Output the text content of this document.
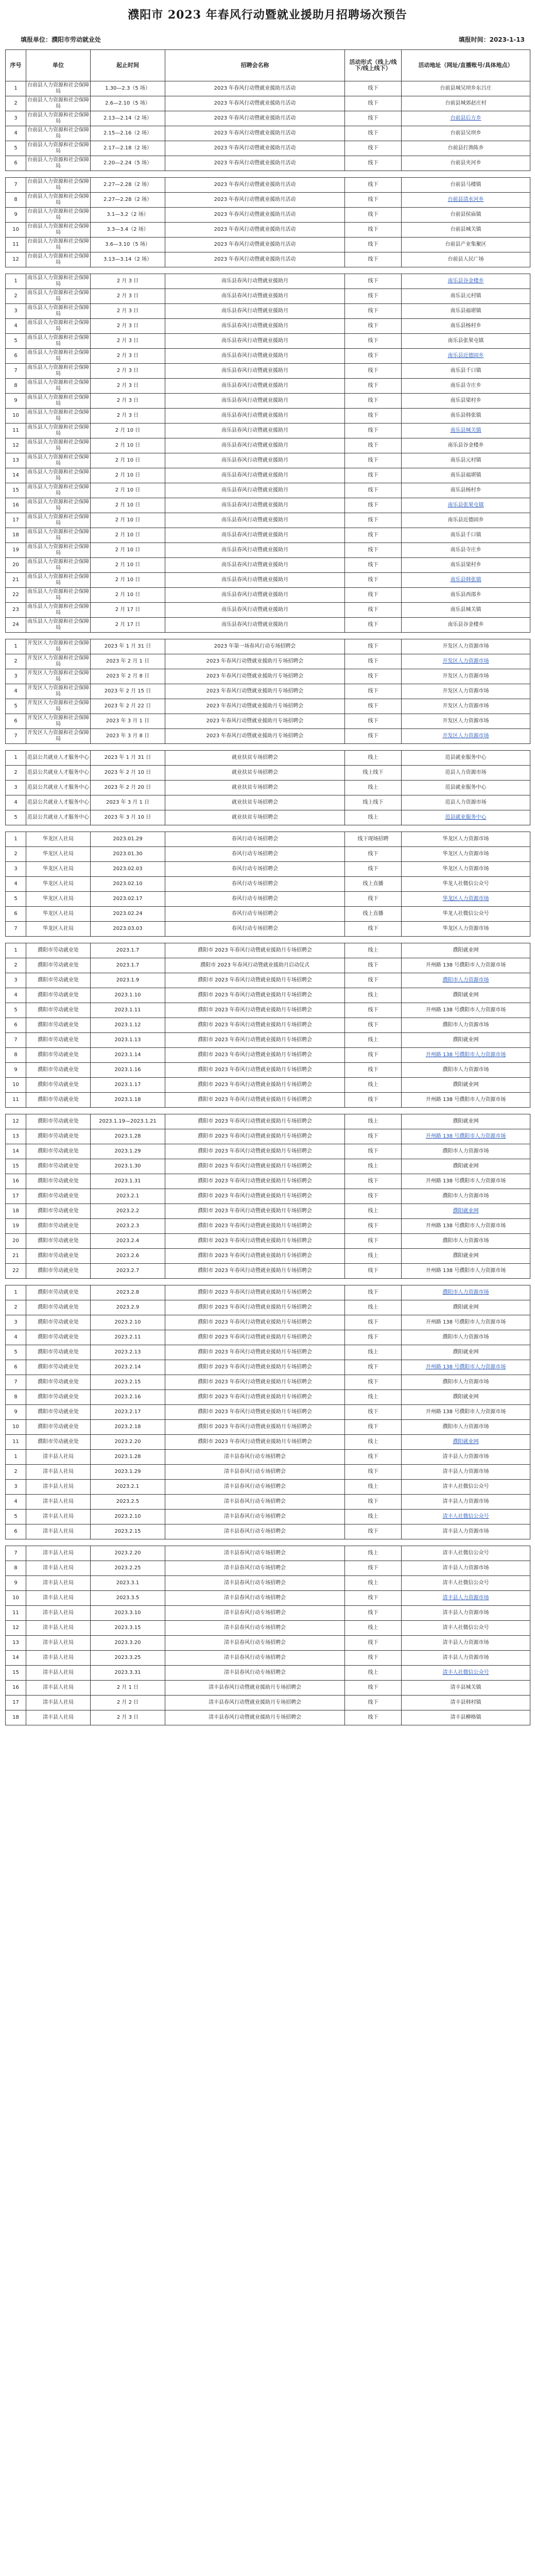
濮阳市 2023 年春风行动暨就业援助月招聘场次预告
填报单位：濮阳市劳动就业处	填报时间：2023-1-13
序号	单位	起止时间	招聘会名称	活动形式（线上/线下/线上线下）	活动地址（网址/直播账号/具体地点）
1	台前县人力资源和社会保障局	1.30—2.3（5 场）	2023 年春风行动暨就业援助月活动	线下	台前县城吴坝乡东吕庄
2	台前县人力资源和社会保障局	2.6—2.10（5 场）	2023 年春风行动暨就业援助月活动	线下	台前县城郊赵庄村
3	台前县人力资源和社会保障局	2.13—2.14（2 场）	2023 年春风行动暨就业援助月活动	线下	台前县后方乡
4	台前县人力资源和社会保障局	2.15—2.16（2 场）	2023 年春风行动暨就业援助月活动	线下	台前县吴坝乡
5	台前县人力资源和社会保障局	2.17—2.18（2 场）	2023 年春风行动暨就业援助月活动	线下	台前县打渔陈乡
6	台前县人力资源和社会保障局	2.20—2.24（5 场）	2023 年春风行动暨就业援助月活动	线下	台前县夹河乡

7	台前县人力资源和社会保障局	2.27—2.28（2 场）	2023 年春风行动暨就业援助月活动	线下	台前县马楼镇
8	台前县人力资源和社会保障局	2.27—2.28（2 场）	2023 年春风行动暨就业援助月活动	线下	台前县清水河乡
9	台前县人力资源和社会保障局	3.1—3.2（2 场）	2023 年春风行动暨就业援助月活动	线下	台前县侯庙镇
10	台前县人力资源和社会保障局	3.3—3.4（2 场）	2023 年春风行动暨就业援助月活动	线下	台前县城关镇
11	台前县人力资源和社会保障局	3.6—3.10（5 场）	2023 年春风行动暨就业援助月活动	线下	台前县产业集聚区
12	台前县人力资源和社会保障局	3.13—3.14（2 场）	2023 年春风行动暨就业援助月活动	线下	台前县人民广场

1	南乐县人力资源和社会保障局	2 月 3 日	南乐县春风行动暨就业援助月	线下	南乐县谷金楼乡
2	南乐县人力资源和社会保障局	2 月 3 日	南乐县春风行动暨就业援助月	线下	南乐县元村镇
3	南乐县人力资源和社会保障局	2 月 3 日	南乐县春风行动暨就业援助月	线下	南乐县福堪镇
4	南乐县人力资源和社会保障局	2 月 3 日	南乐县春风行动暨就业援助月	线下	南乐县杨村乡
5	南乐县人力资源和社会保障局	2 月 3 日	南乐县春风行动暨就业援助月	线下	南乐县张果屯镇
6	南乐县人力资源和社会保障局	2 月 3 日	南乐县春风行动暨就业援助月	线下	南乐县近德固乡
7	南乐县人力资源和社会保障局	2 月 3 日	南乐县春风行动暨就业援助月	线下	南乐县千口镇
8	南乐县人力资源和社会保障局	2 月 3 日	南乐县春风行动暨就业援助月	线下	南乐县寺庄乡
9	南乐县人力资源和社会保障局	2 月 3 日	南乐县春风行动暨就业援助月	线下	南乐县梁村乡
10	南乐县人力资源和社会保障局	2 月 3 日	南乐县春风行动暨就业援助月	线下	南乐县韩张镇
11	南乐县人力资源和社会保障局	2 月 10 日	南乐县春风行动暨就业援助月	线下	南乐县城关镇
12	南乐县人力资源和社会保障局	2 月 10 日	南乐县春风行动暨就业援助月	线下	南乐县谷金楼乡
13	南乐县人力资源和社会保障局	2 月 10 日	南乐县春风行动暨就业援助月	线下	南乐县元村镇
14	南乐县人力资源和社会保障局	2 月 10 日	南乐县春风行动暨就业援助月	线下	南乐县福堪镇
15	南乐县人力资源和社会保障局	2 月 10 日	南乐县春风行动暨就业援助月	线下	南乐县杨村乡
16	南乐县人力资源和社会保障局	2 月 10 日	南乐县春风行动暨就业援助月	线下	南乐县张果屯镇
17	南乐县人力资源和社会保障局	2 月 10 日	南乐县春风行动暨就业援助月	线下	南乐县近德固乡
18	南乐县人力资源和社会保障局	2 月 10 日	南乐县春风行动暨就业援助月	线下	南乐县千口镇
19	南乐县人力资源和社会保障局	2 月 10 日	南乐县春风行动暨就业援助月	线下	南乐县寺庄乡
20	南乐县人力资源和社会保障局	2 月 10 日	南乐县春风行动暨就业援助月	线下	南乐县梁村乡
21	南乐县人力资源和社会保障局	2 月 10 日	南乐县春风行动暨就业援助月	线下	南乐县韩张镇
22	南乐县人力资源和社会保障局	2 月 10 日	南乐县春风行动暨就业援助月	线下	南乐县西邵乡
23	南乐县人力资源和社会保障局	2 月 17 日	南乐县春风行动暨就业援助月	线下	南乐县城关镇
24	南乐县人力资源和社会保障局	2 月 17 日	南乐县春风行动暨就业援助月	线下	南乐县谷金楼乡

1	开发区人力资源和社会保障局	2023 年 1 月 31 日	2023 年第一场春风行动专场招聘会	线下	开发区人力资源市场
2	开发区人力资源和社会保障局	2023 年 2 月 1 日	2023 年春风行动暨就业援助月专场招聘会	线下	开发区人力资源市场
3	开发区人力资源和社会保障局	2023 年 2 月 8 日	2023 年春风行动暨就业援助月专场招聘会	线下	开发区人力资源市场
4	开发区人力资源和社会保障局	2023 年 2 月 15 日	2023 年春风行动暨就业援助月专场招聘会	线下	开发区人力资源市场
5	开发区人力资源和社会保障局	2023 年 2 月 22 日	2023 年春风行动暨就业援助月专场招聘会	线下	开发区人力资源市场
6	开发区人力资源和社会保障局	2023 年 3 月 1 日	2023 年春风行动暨就业援助月专场招聘会	线下	开发区人力资源市场
7	开发区人力资源和社会保障局	2023 年 3 月 8 日	2023 年春风行动暨就业援助月专场招聘会	线下	开发区人力资源市场

1	范县公共就业人才服务中心	2023 年 1 月 31 日	就业扶贫专场招聘会	线上	范县就业服务中心
2	范县公共就业人才服务中心	2023 年 2 月 10 日	就业扶贫专场招聘会	线上线下	范县人力资源市场
3	范县公共就业人才服务中心	2023 年 2 月 20 日	就业扶贫专场招聘会	线上	范县就业服务中心
4	范县公共就业人才服务中心	2023 年 3 月 1 日	就业扶贫专场招聘会	线上线下	范县人力资源市场
5	范县公共就业人才服务中心	2023 年 3 月 10 日	就业扶贫专场招聘会	线上	范县就业服务中心

1	华龙区人社局	2023.01.29	春风行动专场招聘会	线下现场招聘	华龙区人力资源市场
2	华龙区人社局	2023.01.30	春风行动专场招聘会	线下	华龙区人力资源市场
3	华龙区人社局	2023.02.03	春风行动专场招聘会	线下	华龙区人力资源市场
4	华龙区人社局	2023.02.10	春风行动专场招聘会	线上直播	华龙人社微信公众号
5	华龙区人社局	2023.02.17	春风行动专场招聘会	线下	华龙区人力资源市场
6	华龙区人社局	2023.02.24	春风行动专场招聘会	线上直播	华龙人社微信公众号
7	华龙区人社局	2023.03.03	春风行动专场招聘会	线下	华龙区人力资源市场

1	濮阳市劳动就业处	2023.1.7	濮阳市 2023 年春风行动暨就业援助月专场招聘会	线上	濮阳就业网
2	濮阳市劳动就业处	2023.1.7	濮阳市 2023 年春风行动暨就业援助月启动仪式	线下	开州路 138 号濮阳市人力资源市场
3	濮阳市劳动就业处	2023.1.9	濮阳市 2023 年春风行动暨就业援助月专场招聘会	线下	濮阳市人力资源市场
4	濮阳市劳动就业处	2023.1.10	濮阳市 2023 年春风行动暨就业援助月专场招聘会	线上	濮阳就业网
5	濮阳市劳动就业处	2023.1.11	濮阳市 2023 年春风行动暨就业援助月专场招聘会	线下	开州路 138 号濮阳市人力资源市场
6	濮阳市劳动就业处	2023.1.12	濮阳市 2023 年春风行动暨就业援助月专场招聘会	线下	濮阳市人力资源市场
7	濮阳市劳动就业处	2023.1.13	濮阳市 2023 年春风行动暨就业援助月专场招聘会	线上	濮阳就业网
8	濮阳市劳动就业处	2023.1.14	濮阳市 2023 年春风行动暨就业援助月专场招聘会	线下	开州路 138 号濮阳市人力资源市场
9	濮阳市劳动就业处	2023.1.16	濮阳市 2023 年春风行动暨就业援助月专场招聘会	线下	濮阳市人力资源市场
10	濮阳市劳动就业处	2023.1.17	濮阳市 2023 年春风行动暨就业援助月专场招聘会	线上	濮阳就业网
11	濮阳市劳动就业处	2023.1.18	濮阳市 2023 年春风行动暨就业援助月专场招聘会	线下	开州路 138 号濮阳市人力资源市场

12	濮阳市劳动就业处	2023.1.19—2023.1.21	濮阳市 2023 年春风行动暨就业援助月专场招聘会	线上	濮阳就业网
13	濮阳市劳动就业处	2023.1.28	濮阳市 2023 年春风行动暨就业援助月专场招聘会	线下	开州路 138 号濮阳市人力资源市场
14	濮阳市劳动就业处	2023.1.29	濮阳市 2023 年春风行动暨就业援助月专场招聘会	线下	濮阳市人力资源市场
15	濮阳市劳动就业处	2023.1.30	濮阳市 2023 年春风行动暨就业援助月专场招聘会	线上	濮阳就业网
16	濮阳市劳动就业处	2023.1.31	濮阳市 2023 年春风行动暨就业援助月专场招聘会	线下	开州路 138 号濮阳市人力资源市场
17	濮阳市劳动就业处	2023.2.1	濮阳市 2023 年春风行动暨就业援助月专场招聘会	线下	濮阳市人力资源市场
18	濮阳市劳动就业处	2023.2.2	濮阳市 2023 年春风行动暨就业援助月专场招聘会	线上	濮阳就业网
19	濮阳市劳动就业处	2023.2.3	濮阳市 2023 年春风行动暨就业援助月专场招聘会	线下	开州路 138 号濮阳市人力资源市场
20	濮阳市劳动就业处	2023.2.4	濮阳市 2023 年春风行动暨就业援助月专场招聘会	线下	濮阳市人力资源市场
21	濮阳市劳动就业处	2023.2.6	濮阳市 2023 年春风行动暨就业援助月专场招聘会	线上	濮阳就业网
22	濮阳市劳动就业处	2023.2.7	濮阳市 2023 年春风行动暨就业援助月专场招聘会	线下	开州路 138 号濮阳市人力资源市场

1	濮阳市劳动就业处	2023.2.8	濮阳市 2023 年春风行动暨就业援助月专场招聘会	线下	濮阳市人力资源市场
2	濮阳市劳动就业处	2023.2.9	濮阳市 2023 年春风行动暨就业援助月专场招聘会	线上	濮阳就业网
3	濮阳市劳动就业处	2023.2.10	濮阳市 2023 年春风行动暨就业援助月专场招聘会	线下	开州路 138 号濮阳市人力资源市场
4	濮阳市劳动就业处	2023.2.11	濮阳市 2023 年春风行动暨就业援助月专场招聘会	线下	濮阳市人力资源市场
5	濮阳市劳动就业处	2023.2.13	濮阳市 2023 年春风行动暨就业援助月专场招聘会	线上	濮阳就业网
6	濮阳市劳动就业处	2023.2.14	濮阳市 2023 年春风行动暨就业援助月专场招聘会	线下	开州路 138 号濮阳市人力资源市场
7	濮阳市劳动就业处	2023.2.15	濮阳市 2023 年春风行动暨就业援助月专场招聘会	线下	濮阳市人力资源市场
8	濮阳市劳动就业处	2023.2.16	濮阳市 2023 年春风行动暨就业援助月专场招聘会	线上	濮阳就业网
9	濮阳市劳动就业处	2023.2.17	濮阳市 2023 年春风行动暨就业援助月专场招聘会	线下	开州路 138 号濮阳市人力资源市场
10	濮阳市劳动就业处	2023.2.18	濮阳市 2023 年春风行动暨就业援助月专场招聘会	线下	濮阳市人力资源市场
11	濮阳市劳动就业处	2023.2.20	濮阳市 2023 年春风行动暨就业援助月专场招聘会	线上	濮阳就业网
1	清丰县人社局	2023.1.28	清丰县春风行动专场招聘会	线下	清丰县人力资源市场
2	清丰县人社局	2023.1.29	清丰县春风行动专场招聘会	线下	清丰县人力资源市场
3	清丰县人社局	2023.2.1	清丰县春风行动专场招聘会	线上	清丰人社微信公众号
4	清丰县人社局	2023.2.5	清丰县春风行动专场招聘会	线下	清丰县人力资源市场
5	清丰县人社局	2023.2.10	清丰县春风行动专场招聘会	线上	清丰人社微信公众号
6	清丰县人社局	2023.2.15	清丰县春风行动专场招聘会	线下	清丰县人力资源市场

7	清丰县人社局	2023.2.20	清丰县春风行动专场招聘会	线上	清丰人社微信公众号
8	清丰县人社局	2023.2.25	清丰县春风行动专场招聘会	线下	清丰县人力资源市场
9	清丰县人社局	2023.3.1	清丰县春风行动专场招聘会	线上	清丰人社微信公众号
10	清丰县人社局	2023.3.5	清丰县春风行动专场招聘会	线下	清丰县人力资源市场
11	清丰县人社局	2023.3.10	清丰县春风行动专场招聘会	线下	清丰县人力资源市场
12	清丰县人社局	2023.3.15	清丰县春风行动专场招聘会	线上	清丰人社微信公众号
13	清丰县人社局	2023.3.20	清丰县春风行动专场招聘会	线下	清丰县人力资源市场
14	清丰县人社局	2023.3.25	清丰县春风行动专场招聘会	线下	清丰县人力资源市场
15	清丰县人社局	2023.3.31	清丰县春风行动专场招聘会	线上	清丰人社微信公众号
16	清丰县人社局	2 月 1 日	清丰县春风行动暨就业援助月专场招聘会	线下	清丰县城关镇
17	清丰县人社局	2 月 2 日	清丰县春风行动暨就业援助月专场招聘会	线下	清丰县韩村镇
18	清丰县人社局	2 月 3 日	清丰县春风行动暨就业援助月专场招聘会	线下	清丰县柳格镇
